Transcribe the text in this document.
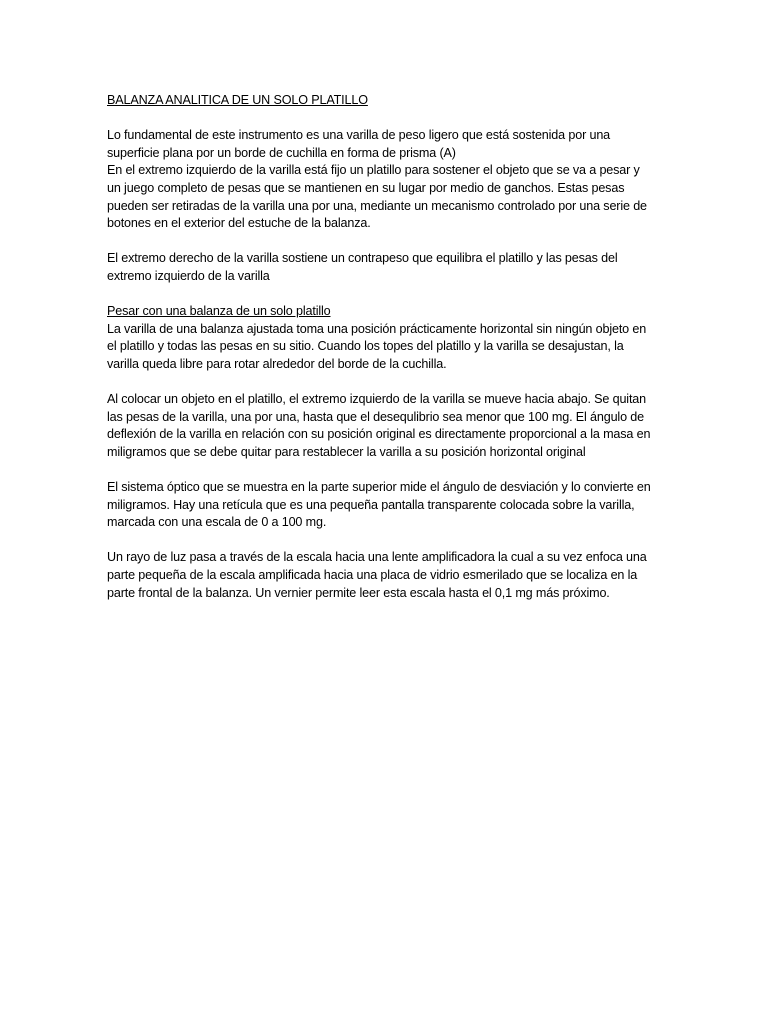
BALANZA ANALITICA DE UN SOLO PLATILLO

Lo fundamental de este instrumento es una varilla de peso ligero que está sostenida por una superficie plana por un borde de cuchilla en forma de prisma (A)

En el extremo izquierdo de la varilla está fijo un platillo para sostener el objeto que se va a pesar y un juego completo de pesas que se mantienen en su lugar por medio de ganchos. Estas pesas pueden ser retiradas de la varilla una por una, mediante un mecanismo controlado por una serie de botones en el exterior del estuche de la balanza.

El extremo derecho de la varilla sostiene un contrapeso que equilibra el platillo y las pesas del extremo izquierdo de la varilla

Pesar con una balanza de un solo platillo

La varilla de una balanza ajustada toma una posición prácticamente horizontal sin ningún objeto en el platillo y todas las pesas en su sitio. Cuando los topes del platillo y la varilla se desajustan, la varilla queda libre para rotar alrededor del borde de la cuchilla.

Al colocar un objeto en el platillo, el extremo izquierdo de la varilla se mueve hacia abajo. Se quitan las pesas de la varilla, una por una, hasta que el desequlibrio sea menor que 100 mg. El ángulo de deflexión de la varilla en relación con su posición original es directamente proporcional a la masa en miligramos que se debe quitar para restablecer la varilla a su posición horizontal original

El sistema óptico que se muestra en la parte superior mide el ángulo de desviación y lo convierte en miligramos. Hay una retícula que es una pequeña pantalla transparente colocada sobre la varilla, marcada con una escala de 0 a 100 mg.

Un rayo de luz pasa a través de la escala hacia una lente amplificadora la cual a su vez enfoca una parte pequeña de la escala amplificada hacia una placa de vidrio esmerilado que se localiza en la parte frontal de la balanza. Un vernier permite leer esta escala hasta el 0,1 mg más próximo.
